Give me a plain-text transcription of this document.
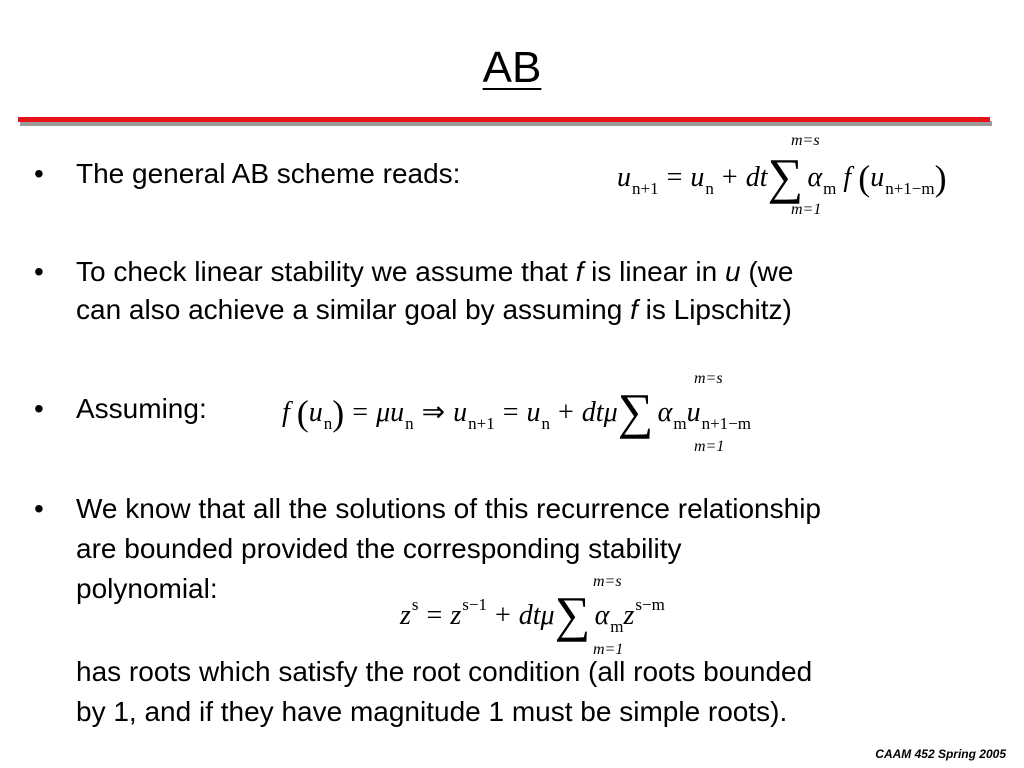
AB
• The general AB scheme reads:	$u_{n+1} = u_n$ + dt ∑ $\alpha_m$ f $(u_{n+1-m})$
m=s
m=1
• To check linear stability we assume that f is linear in u (we
can also achieve a similar goal by assuming f is Lipschitz)
• Assuming:	f $(u_n) = \mu u_n$ ⇒ $u_{n+1} = u_n + dt\mu$ ∑ $\alpha_mu_{n+1-m}$
m=s
m=1
• We know that all the solutions of this recurrence relationship
are bounded provided the corresponding stability
polynomial:
$z^s = z^{s-1} + dt\mu$ ∑ $\alpha_mz^{s-m}$
m=s
m=1
has roots which satisfy the root condition (all roots bounded
by 1, and if they have magnitude 1 must be simple roots).
CAAM 452 Spring 2005
